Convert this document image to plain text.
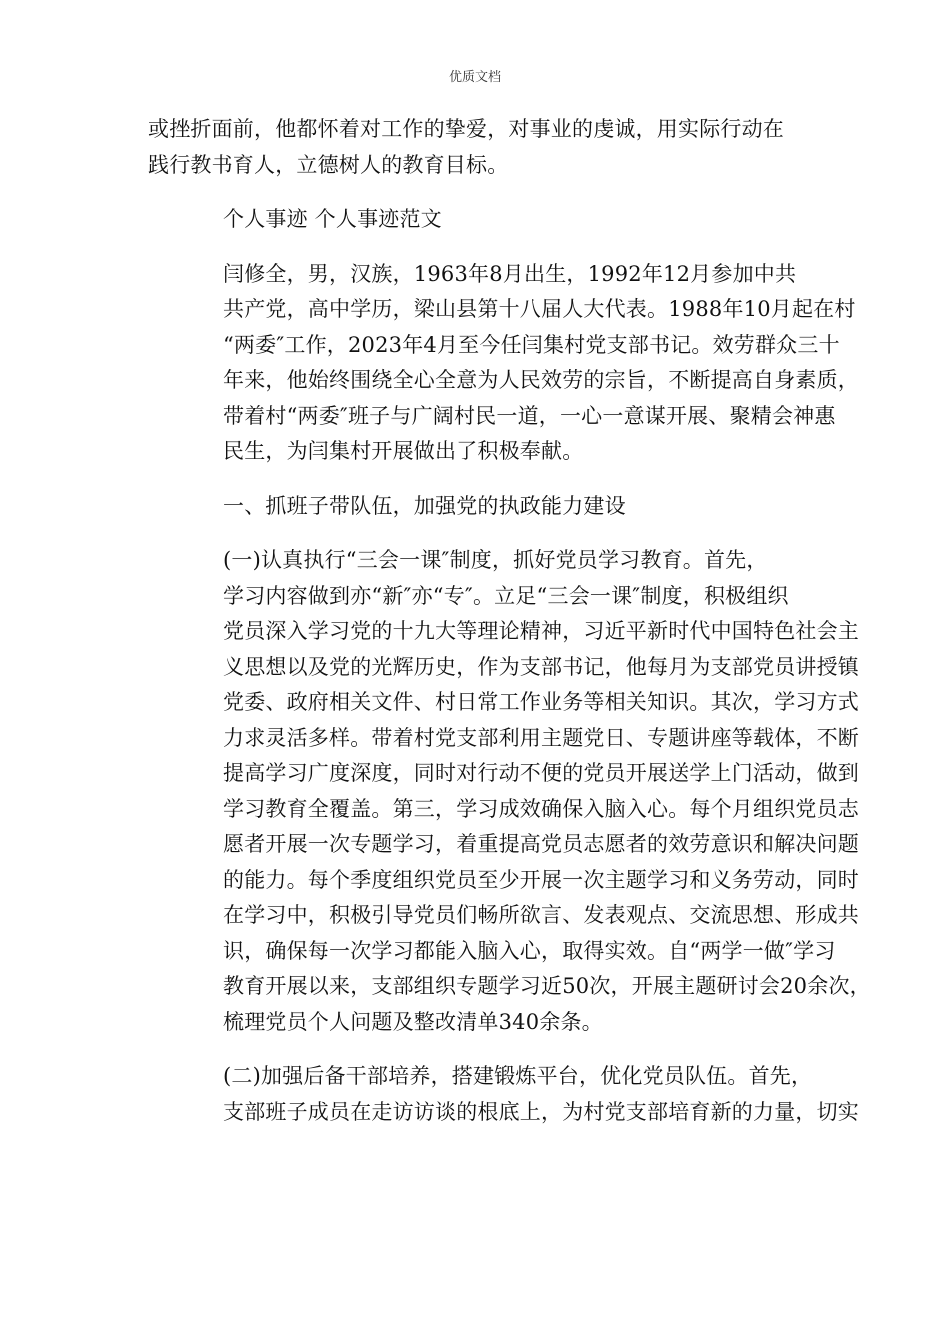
优质文档

或挫折面前，他都怀着对工作的挚爱，对事业的虔诚，用实际行动在
践行教书育人，立德树人的教育目标。

个人事迹 个人事迹范文

闫修全，男，汉族，1963年8月出生，1992年12月参加中共
共产党，高中学历，梁山县第十八届人大代表。1988年10月起在村
“两委″工作，2023年4月至今任闫集村党支部书记。效劳群众三十
年来，他始终围绕全心全意为人民效劳的宗旨，不断提高自身素质，
带着村“两委″班子与广阔村民一道，一心一意谋开展、聚精会神惠
民生，为闫集村开展做出了积极奉献。

一、抓班子带队伍，加强党的执政能力建设

(一)认真执行“三会一课″制度，抓好党员学习教育。首先，
学习内容做到亦“新″亦“专″。立足“三会一课″制度，积极组织
党员深入学习党的十九大等理论精神，习近平新时代中国特色社会主
义思想以及党的光辉历史，作为支部书记，他每月为支部党员讲授镇
党委、政府相关文件、村日常工作业务等相关知识。其次，学习方式
力求灵活多样。带着村党支部利用主题党日、专题讲座等载体，不断
提高学习广度深度，同时对行动不便的党员开展送学上门活动，做到
学习教育全覆盖。第三，学习成效确保入脑入心。每个月组织党员志
愿者开展一次专题学习，着重提高党员志愿者的效劳意识和解决问题
的能力。每个季度组织党员至少开展一次主题学习和义务劳动，同时
在学习中，积极引导党员们畅所欲言、发表观点、交流思想、形成共
识，确保每一次学习都能入脑入心，取得实效。自“两学一做″学习
教育开展以来，支部组织专题学习近50次，开展主题研讨会20余次，
梳理党员个人问题及整改清单340余条。

(二)加强后备干部培养，搭建锻炼平台，优化党员队伍。首先，
支部班子成员在走访访谈的根底上，为村党支部培育新的力量，切实
